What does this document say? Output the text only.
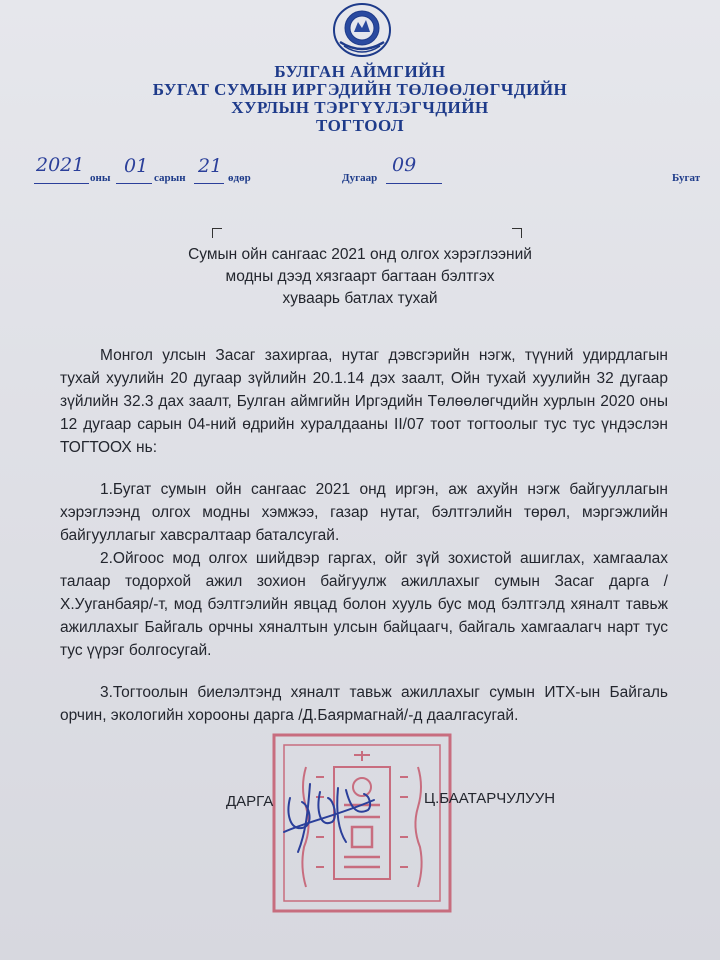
БУЛГАН АЙМГИЙН
БУГАТ СУМЫН ИРГЭДИЙН ТӨЛӨӨЛӨГЧДИЙН
ХУРЛЫН ТЭРГҮҮЛЭГЧДИЙН
ТОГТООЛ
2021
оны
01
сарын
21
өдөр	Дугаар
09
Бугат
Сумын ойн сангаас 2021 онд олгох хэрэглээний
модны дээд хязгаарт багтаан бэлтгэх
хуваарь батлах тухай

Монгол улсын Засаг захиргаа, нутаг дэвсгэрийн нэгж, түүний удирдлагын тухай хуулийн 20 дугаар зүйлийн 20.1.14 дэх заалт, Ойн тухай хуулийн 32 дугаар зүйлийн 32.3 дах заалт, Булган аймгийн Иргэдийн Төлөөлөгчдийн хурлын 2020 оны 12 дугаар сарын 04-ний өдрийн хуралдааны II/07 тоот тогтоолыг тус тус үндэслэн ТОГТООХ нь:

1.Бугат сумын ойн сангаас 2021 онд иргэн, аж ахуйн нэгж байгууллагын хэрэглээнд олгох модны хэмжээ, газар нутаг, бэлтгэлийн төрөл, мэргэжлийн байгууллагыг хавсралтаар баталсугай.

2.Ойгоос мод олгох шийдвэр гаргах, ойг зүй зохистой ашиглах, хамгаалах талаар тодорхой ажил зохион байгуулж ажиллахыг сумын Засаг дарга /Х.Ууганбаяр/-т, мод бэлтгэлийн явцад болон хууль бус мод бэлтгэлд хяналт тавьж ажиллахыг Байгаль орчны хяналтын улсын байцаагч, байгаль хамгаалагч нарт тус тус үүрэг болгосугай.

3.Тогтоолын биелэлтэнд хяналт тавьж ажиллахыг сумын ИТХ-ын Байгаль орчин, экологийн хорооны дарга /Д.Баярмагнай/-д даалгасугай.

ДАРГА	Ц.БААТАРЧУЛУУН
